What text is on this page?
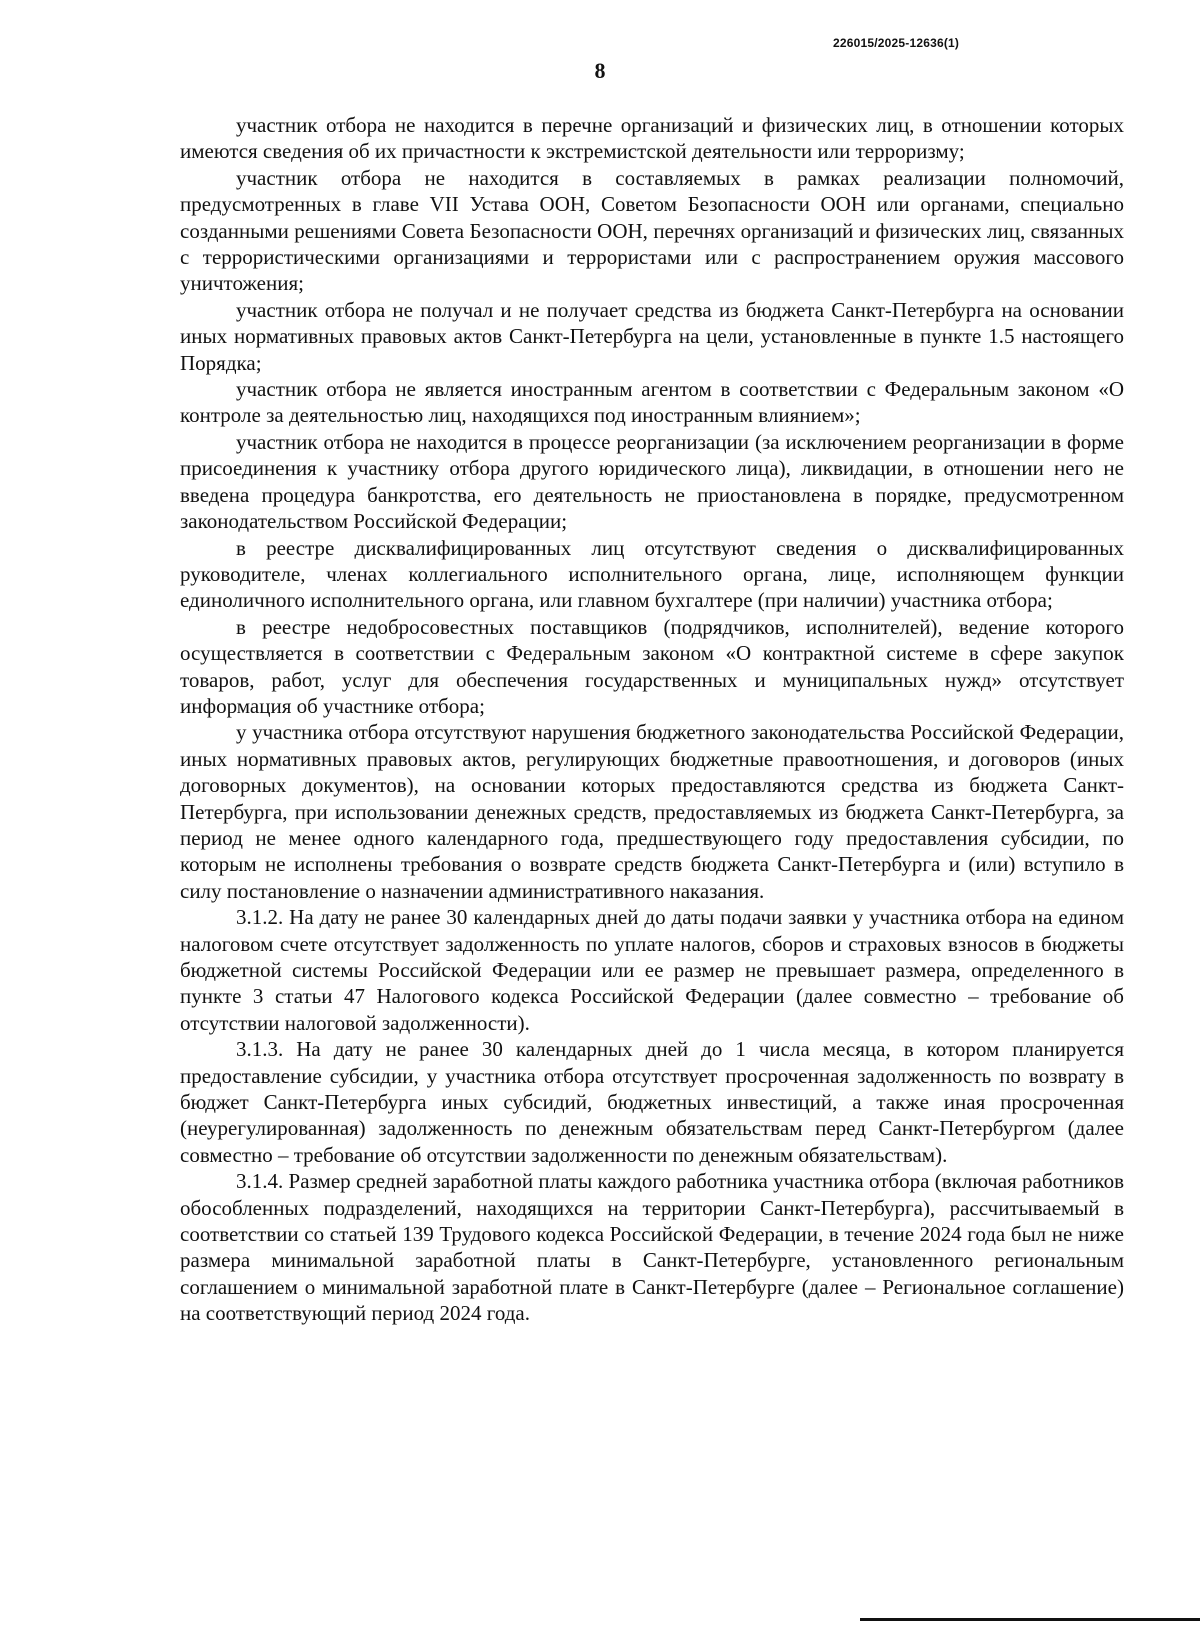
226015/2025-12636(1)
8

участник отбора не находится в перечне организаций и физических лиц, в отношении которых имеются сведения об их причастности к экстремистской деятельности или терроризму;

участник отбора не находится в составляемых в рамках реализации полномочий, предусмотренных в главе VII Устава ООН, Советом Безопасности ООН или органами, специально созданными решениями Совета Безопасности ООН, перечнях организаций и физических лиц, связанных с террористическими организациями и террористами или с распространением оружия массового уничтожения;

участник отбора не получал и не получает средства из бюджета Санкт-Петербурга на основании иных нормативных правовых актов Санкт-Петербурга на цели, установленные в пункте 1.5 настоящего Порядка;

участник отбора не является иностранным агентом в соответствии с Федеральным законом «О контроле за деятельностью лиц, находящихся под иностранным влиянием»;

участник отбора не находится в процессе реорганизации (за исключением реорганизации в форме присоединения к участнику отбора другого юридического лица), ликвидации, в отношении него не введена процедура банкротства, его деятельность не приостановлена в порядке, предусмотренном законодательством Российской Федерации;

в реестре дисквалифицированных лиц отсутствуют сведения о дисквалифицированных руководителе, членах коллегиального исполнительного органа, лице, исполняющем функции единоличного исполнительного органа, или главном бухгалтере (при наличии) участника отбора;

в реестре недобросовестных поставщиков (подрядчиков, исполнителей), ведение которого осуществляется в соответствии с Федеральным законом «О контрактной системе в сфере закупок товаров, работ, услуг для обеспечения государственных и муниципальных нужд» отсутствует информация об участнике отбора;

у участника отбора отсутствуют нарушения бюджетного законодательства Российской Федерации, иных нормативных правовых актов, регулирующих бюджетные правоотношения, и договоров (иных договорных документов), на основании которых предоставляются средства из бюджета Санкт-Петербурга, при использовании денежных средств, предоставляемых из бюджета Санкт-Петербурга, за период не менее одного календарного года, предшествующего году предоставления субсидии, по которым не исполнены требования о возврате средств бюджета Санкт-Петербурга и (или) вступило в силу постановление о назначении административного наказания.

3.1.2. На дату не ранее 30 календарных дней до даты подачи заявки у участника отбора на едином налоговом счете отсутствует задолженность по уплате налогов, сборов и страховых взносов в бюджеты бюджетной системы Российской Федерации или ее размер не превышает размера, определенного в пункте 3 статьи 47 Налогового кодекса Российской Федерации (далее совместно – требование об отсутствии налоговой задолженности).

3.1.3. На дату не ранее 30 календарных дней до 1 числа месяца, в котором планируется предоставление субсидии, у участника отбора отсутствует просроченная задолженность по возврату в бюджет Санкт-Петербурга иных субсидий, бюджетных инвестиций, а также иная просроченная (неурегулированная) задолженность по денежным обязательствам перед Санкт-Петербургом (далее совместно – требование об отсутствии задолженности по денежным обязательствам).

3.1.4. Размер средней заработной платы каждого работника участника отбора (включая работников обособленных подразделений, находящихся на территории Санкт-Петербурга), рассчитываемый в соответствии со статьей 139 Трудового кодекса Российской Федерации, в течение 2024 года был не ниже размера минимальной заработной платы в Санкт-Петербурге, установленного региональным соглашением о минимальной заработной плате в Санкт-Петербурге (далее – Региональное соглашение) на соответствующий период 2024 года.
